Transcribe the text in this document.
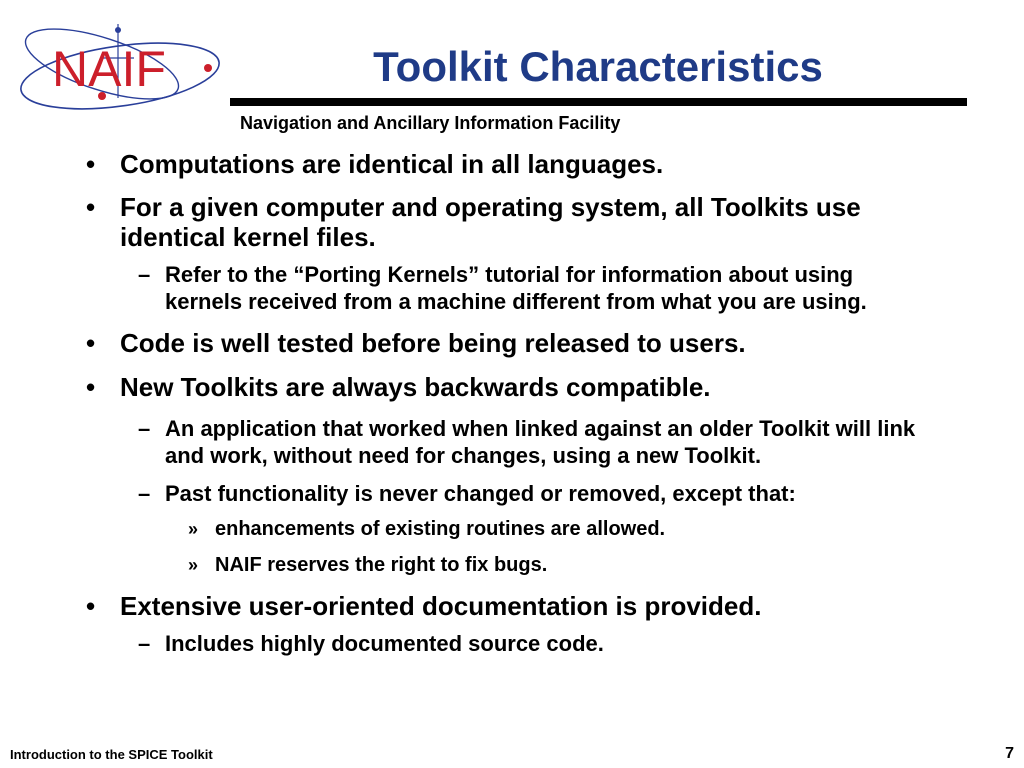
NAIF	Toolkit Characteristics
Navigation and Ancillary Information Facility
• Computations are identical in all languages.
• For a given computer and operating system, all Toolkits use identical kernel files.
– Refer to the “Porting Kernels” tutorial for information about using kernels received from a machine different from what you are using.
• Code is well tested before being released to users.
• New Toolkits are always backwards compatible.
– An application that worked when linked against an older Toolkit will link and work, without need for changes, using a new Toolkit.
– Past functionality is never changed or removed, except that:
» enhancements of existing routines are allowed.
» NAIF reserves the right to fix bugs.
• Extensive user-oriented documentation is provided.
– Includes highly documented source code.
Introduction to the SPICE Toolkit	7
